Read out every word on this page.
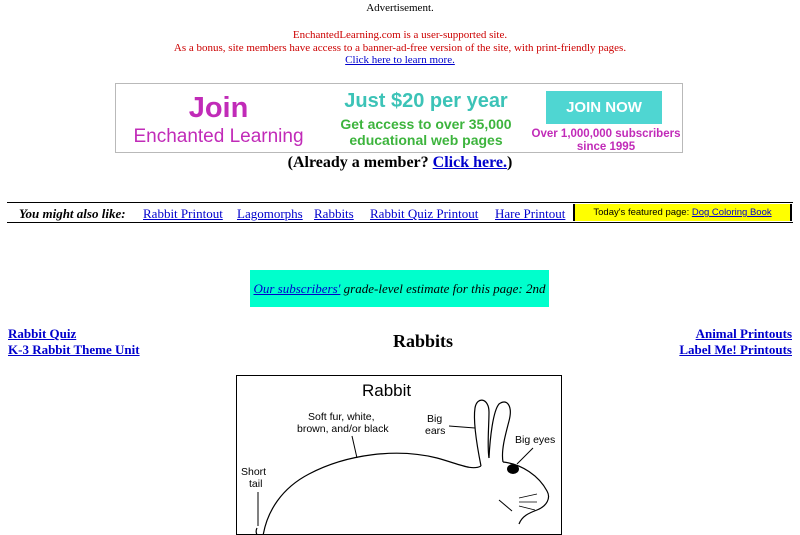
Advertisement.
EnchantedLearning.com is a user-supported site.
As a bonus, site members have access to a banner-ad-free version of the site, with print-friendly pages.
Click here to learn more.
Join
Enchanted Learning
Just $20 per year
Get access to over 35,000
educational web pages
JOIN NOW
Over 1,000,000 subscribers
since 1995
(Already a member? Click here.)
You might also like: Rabbit Printout Lagomorphs Rabbits Rabbit Quiz Printout Hare Printout	Today's featured page: Dog Coloring Book
Our subscribers' grade-level estimate for this page: 2nd
Rabbit Quiz
K-3 Rabbit Theme Unit
Animal Printouts
Label Me! Printouts
Rabbits
Rabbit
Soft fur, white,
brown, and/or black
Big
ears
Big eyes
Short
tail
